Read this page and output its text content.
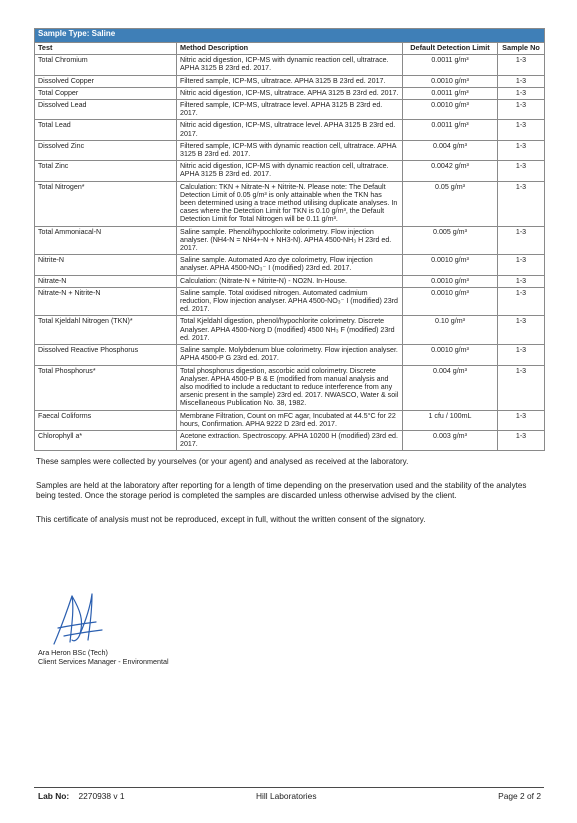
Sample Type: Saline			
Test	Method Description	Default Detection Limit	Sample No
Total Chromium	Nitric acid digestion, ICP-MS with dynamic reaction cell, ultratrace. APHA 3125 B 23rd ed. 2017.	0.0011 g/m³	1-3
Dissolved Copper	Filtered sample, ICP-MS, ultratrace. APHA 3125 B 23rd ed. 2017.	0.0010 g/m³	1-3
Total Copper	Nitric acid digestion, ICP-MS, ultratrace. APHA 3125 B 23rd ed. 2017.	0.0011 g/m³	1-3
Dissolved Lead	Filtered sample, ICP-MS, ultratrace level. APHA 3125 B 23rd ed. 2017.	0.0010 g/m³	1-3
Total Lead	Nitric acid digestion, ICP-MS, ultratrace level. APHA 3125 B 23rd ed. 2017.	0.0011 g/m³	1-3
Dissolved Zinc	Filtered sample, ICP-MS with dynamic reaction cell, ultratrace. APHA 3125 B 23rd ed. 2017.	0.004 g/m³	1-3
Total Zinc	Nitric acid digestion, ICP-MS with dynamic reaction cell, ultratrace. APHA 3125 B 23rd ed. 2017.	0.0042 g/m³	1-3
Total Nitrogen*	Calculation: TKN + Nitrate-N + Nitrite-N. Please note: The Default Detection Limit of 0.05 g/m³ is only attainable when the TKN has been determined using a trace method utilising duplicate analyses. In cases where the Detection Limit for TKN is 0.10 g/m³, the Default Detection Limit for Total Nitrogen will be 0.11 g/m³.	0.05 g/m³	1-3
Total Ammoniacal-N	Saline sample. Phenol/hypochlorite colorimetry. Flow injection analyser. (NH4-N = NH4+-N + NH3-N). APHA 4500-NH₃ H 23rd ed. 2017.	0.005 g/m³	1-3
Nitrite-N	Saline sample. Automated Azo dye colorimetry, Flow injection analyser. APHA 4500-NO₃⁻ I (modified) 23rd ed. 2017.	0.0010 g/m³	1-3
Nitrate-N	Calculation: (Nitrate-N + Nitrite-N) - NO2N. In-House.	0.0010 g/m³	1-3
Nitrate-N + Nitrite-N	Saline sample. Total oxidised nitrogen. Automated cadmium reduction, Flow injection analyser. APHA 4500-NO₃⁻ I (modified) 23rd ed. 2017.	0.0010 g/m³	1-3
Total Kjeldahl Nitrogen (TKN)*	Total Kjeldahl digestion, phenol/hypochlorite colorimetry. Discrete Analyser. APHA 4500-Norg D (modified) 4500 NH₃ F (modified) 23rd ed. 2017.	0.10 g/m³	1-3
Dissolved Reactive Phosphorus	Saline sample. Molybdenum blue colorimetry. Flow injection analyser. APHA 4500-P G 23rd ed. 2017.	0.0010 g/m³	1-3
Total Phosphorus*	Total phosphorus digestion, ascorbic acid colorimetry. Discrete Analyser. APHA 4500-P B & E (modified from manual analysis and also modified to include a reductant to reduce interference from any arsenic present in the sample) 23rd ed. 2017. NWASCO, Water & soil Miscellaneous Publication No. 38, 1982.	0.004 g/m³	1-3
Faecal Coliforms	Membrane Filtration, Count on mFC agar, Incubated at 44.5°C for 22 hours, Confirmation. APHA 9222 D 23rd ed. 2017.	1 cfu / 100mL	1-3
Chlorophyll a*	Acetone extraction. Spectroscopy. APHA 10200 H (modified) 23rd ed. 2017.	0.003 g/m³	1-3

These samples were collected by yourselves (or your agent) and analysed as received at the laboratory.

Samples are held at the laboratory after reporting for a length of time depending on the preservation used and the stability of the analytes being tested. Once the storage period is completed the samples are discarded unless otherwise advised by the client.

This certificate of analysis must not be reproduced, except in full, without the written consent of the signatory.

Ara Heron BSc (Tech)
Client Services Manager - Environmental
Lab No: 2270938 v 1	Hill Laboratories	Page 2 of 2
